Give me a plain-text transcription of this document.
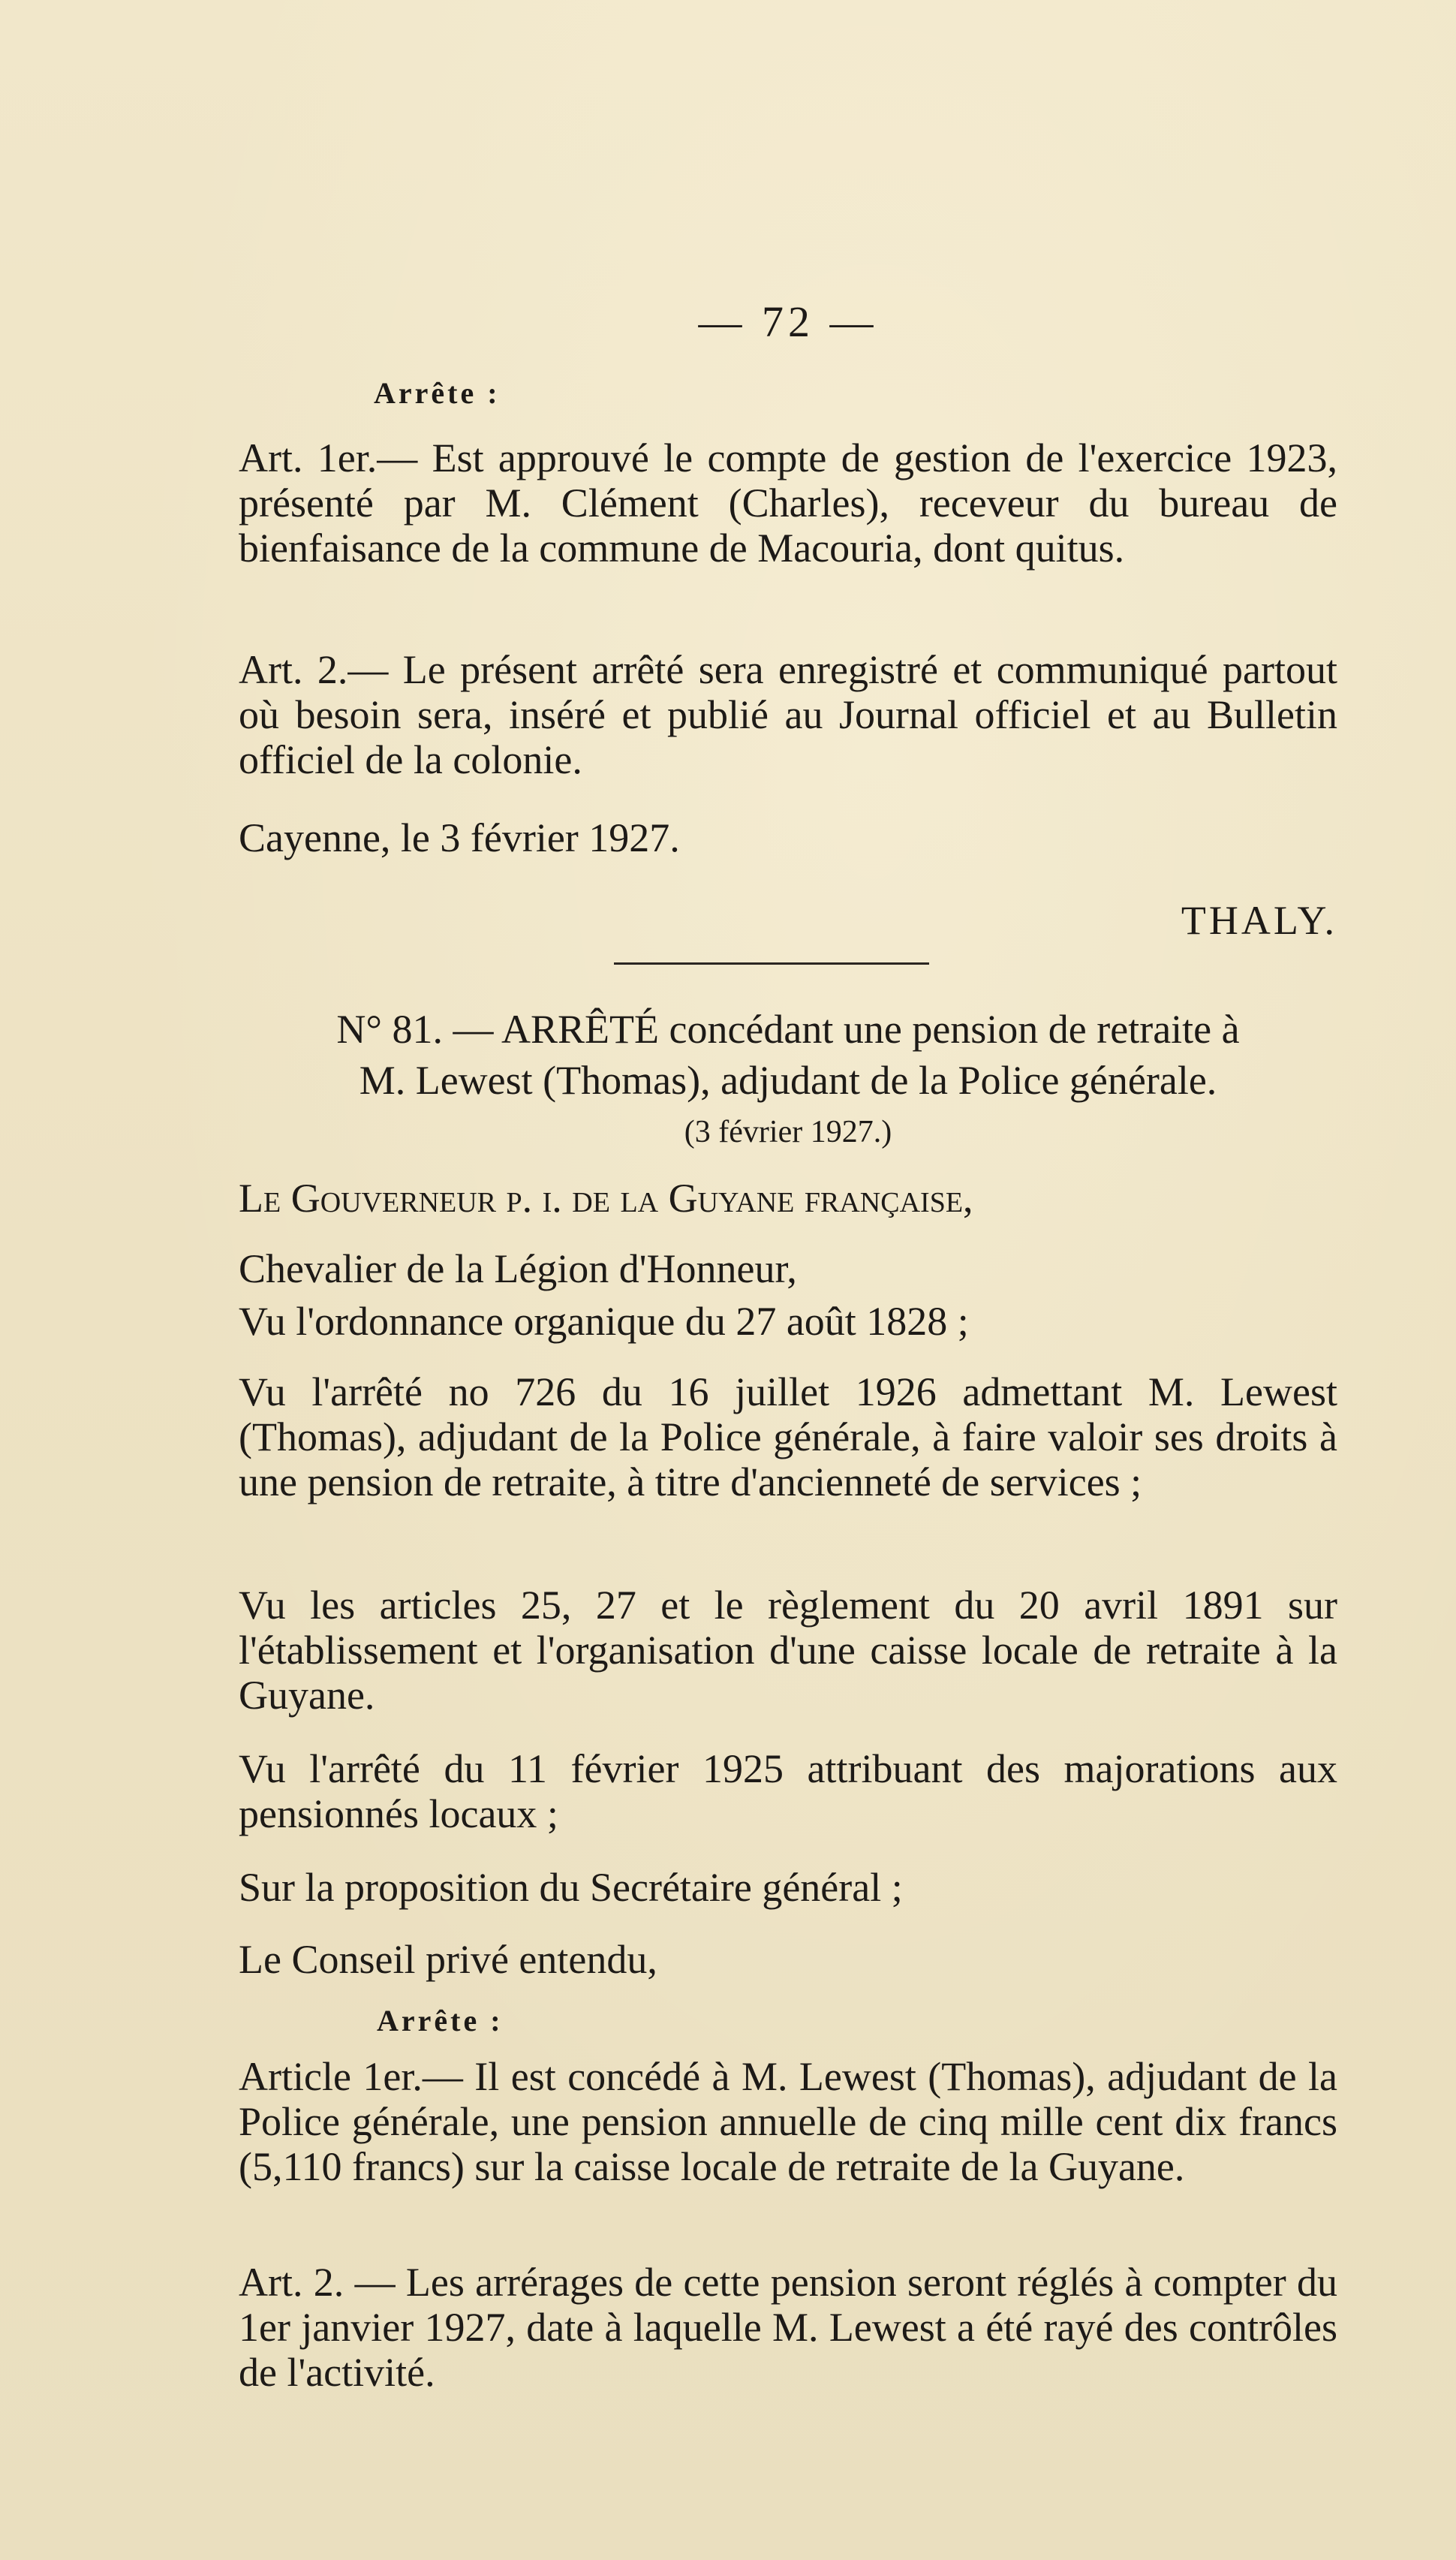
— 72 —
Arrête :
Art. 1er.— Est approuvé le compte de gestion de l'exercice 1923, présenté par M. Clément (Charles), receveur du bureau de bienfaisance de la commune de Macouria, dont quitus.
Art. 2.— Le présent arrêté sera enregistré et communiqué partout où besoin sera, inséré et publié au Journal officiel et au Bulletin officiel de la colonie.
Cayenne, le 3 février 1927.
THALY.
N° 81. — ARRÊTÉ concédant une pension de retraite à
M. Lewest (Thomas), adjudant de la Police générale.
(3 février 1927.)
Le Gouverneur p. i. de la Guyane française,
Chevalier de la Légion d'Honneur,
Vu l'ordonnance organique du 27 août 1828 ;
Vu l'arrêté no 726 du 16 juillet 1926 admettant M. Lewest (Thomas), adjudant de la Police générale, à faire valoir ses droits à une pension de retraite, à titre d'ancienneté de services ;
Vu les articles 25, 27 et le règlement du 20 avril 1891 sur l'établissement et l'organisation d'une caisse locale de retraite à la Guyane.
Vu l'arrêté du 11 février 1925 attribuant des majorations aux pensionnés locaux ;
Sur la proposition du Secrétaire général ;
Le Conseil privé entendu,
Arrête :
Article 1er.— Il est concédé à M. Lewest (Thomas), adjudant de la Police générale, une pension annuelle de cinq mille cent dix francs (5,110 francs) sur la caisse locale de retraite de la Guyane.
Art. 2. — Les arrérages de cette pension seront réglés à compter du 1er janvier 1927, date à laquelle M. Lewest a été rayé des contrôles de l'activité.
